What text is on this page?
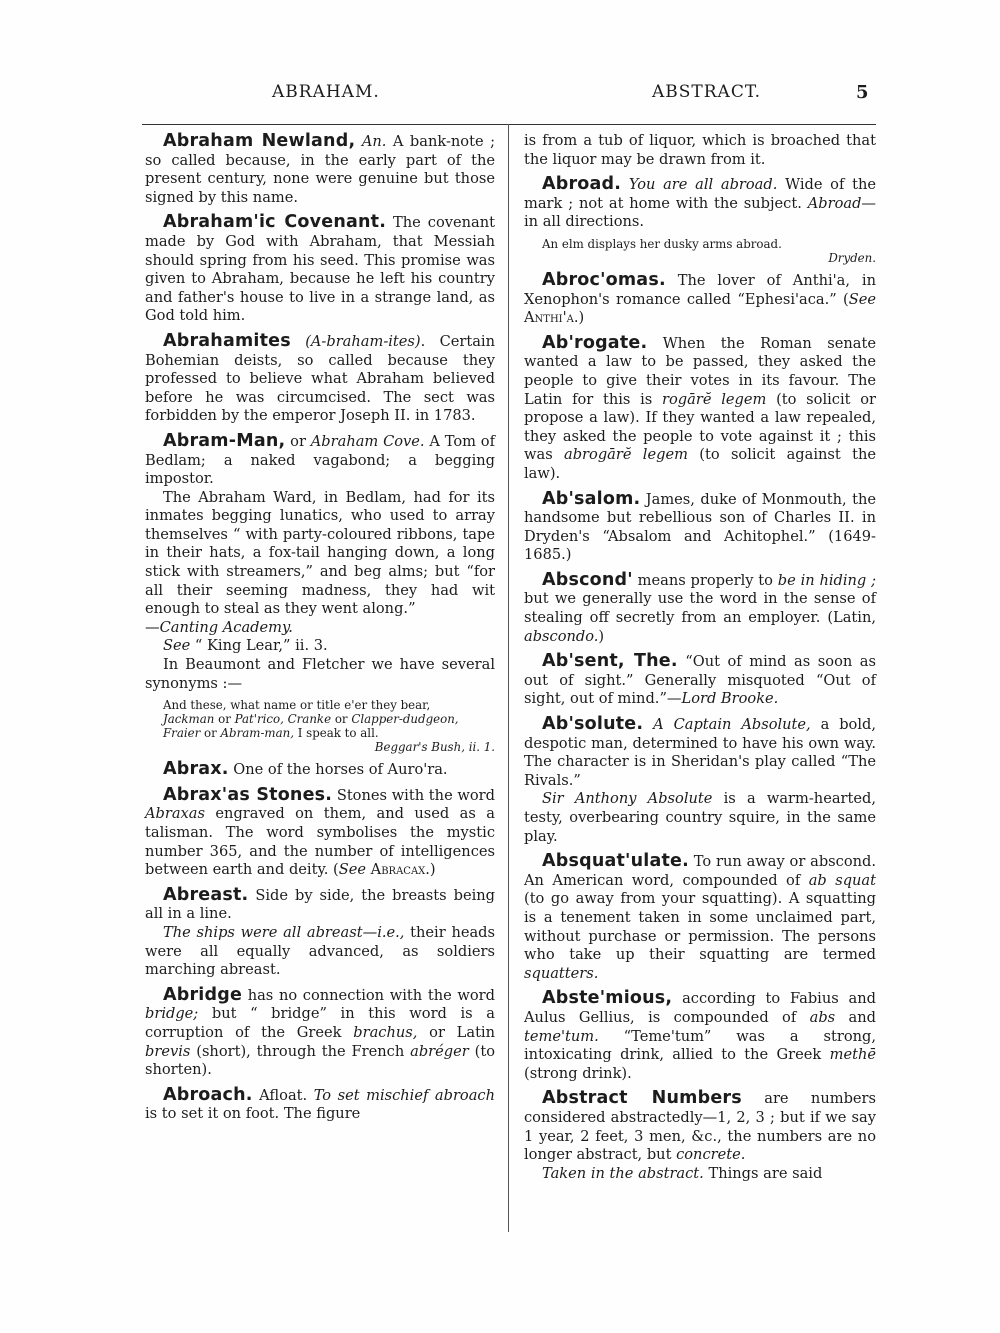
ABRAHAM.	ABSTRACT.	5
Abraham Newland, An. A bank-note ; so called because, in the early part of the present century, none were genuine but those signed by this name.
Abraham'ic Covenant. The covenant made by God with Abraham, that Messiah should spring from his seed. This promise was given to Abraham, because he left his country and father's house to live in a strange land, as God told him.
Abrahamites (A-braham-ites). Certain Bohemian deists, so called because they professed to believe what Abraham believed before he was circumcised. The sect was forbidden by the emperor Joseph II. in 1783.

Abram-Man, or Abraham Cove. A Tom of Bedlam; a naked vagabond; a begging impostor.

The Abraham Ward, in Bedlam, had for its inmates begging lunatics, who used to array themselves “ with party-coloured ribbons, tape in their hats, a fox-tail hanging down, a long stick with streamers,” and beg alms; but “for all their seeming madness, they had wit enough to steal as they went along.”

—Canting Academy.

See “ King Lear,” ii. 3.

In Beaumont and Fletcher we have several synonyms :—

And these, what name or title e'er they bear,
Jackman or Pat'rico, Cranke or Clapper-dudgeon,
Fraier or Abram-man, I speak to all.
Beggar's Bush, ii. 1.
Abrax. One of the horses of Auro'ra.
Abrax'as Stones. Stones with the word Abraxas engraved on them, and used as a talisman. The word symbolises the mystic number 365, and the number of intelligences between earth and deity. (See Abracax.)

Abreast. Side by side, the breasts being all in a line.

The ships were all abreast—i.e., their heads were all equally advanced, as soldiers marching abreast.

Abridge has no connection with the word bridge; but “ bridge” in this word is a corruption of the Greek brachus, or Latin brevis (short), through the French abréger (to shorten).
Abroach. Afloat. To set mischief abroach is to set it on foot. The figure
is from a tub of liquor, which is broached that the liquor may be drawn from it.

Abroad. You are all abroad. Wide of the mark ; not at home with the subject. Abroad—in all directions.

An elm displays her dusky arms abroad.
Dryden.
Abroc'omas. The lover of Anthi'a, in Xenophon's romance called “Ephesi'aca.” (See Anthi'a.)
Ab'rogate. When the Roman senate wanted a law to be passed, they asked the people to give their votes in its favour. The Latin for this is rogārĕ legem (to solicit or propose a law). If they wanted a law repealed, they asked the people to vote against it ; this was abrogārĕ legem (to solicit against the law).
Ab'salom. James, duke of Monmouth, the handsome but rebellious son of Charles II. in Dryden's “Absalom and Achitophel.” (1649-1685.)
Abscond' means properly to be in hiding ; but we generally use the word in the sense of stealing off secretly from an employer. (Latin, abscondo.)
Ab'sent, The. “Out of mind as soon as out of sight.” Generally misquoted “Out of sight, out of mind.”—Lord Brooke.

Ab'solute. A Captain Absolute, a bold, despotic man, determined to have his own way. The character is in Sheridan's play called “The Rivals.”

Sir Anthony Absolute is a warm-hearted, testy, overbearing country squire, in the same play.

Absquat'ulate. To run away or abscond. An American word, compounded of ab squat (to go away from your squatting). A squatting is a tenement taken in some unclaimed part, without purchase or permission. The persons who take up their squatting are termed squatters.
Abste'mious, according to Fabius and Aulus Gellius, is compounded of abs and teme'tum. “Teme'tum” was a strong, intoxicating drink, allied to the Greek methē (strong drink).

Abstract Numbers are numbers considered abstractedly—1, 2, 3 ; but if we say 1 year, 2 feet, 3 men, &c., the numbers are no longer abstract, but concrete.

Taken in the abstract. Things are said
